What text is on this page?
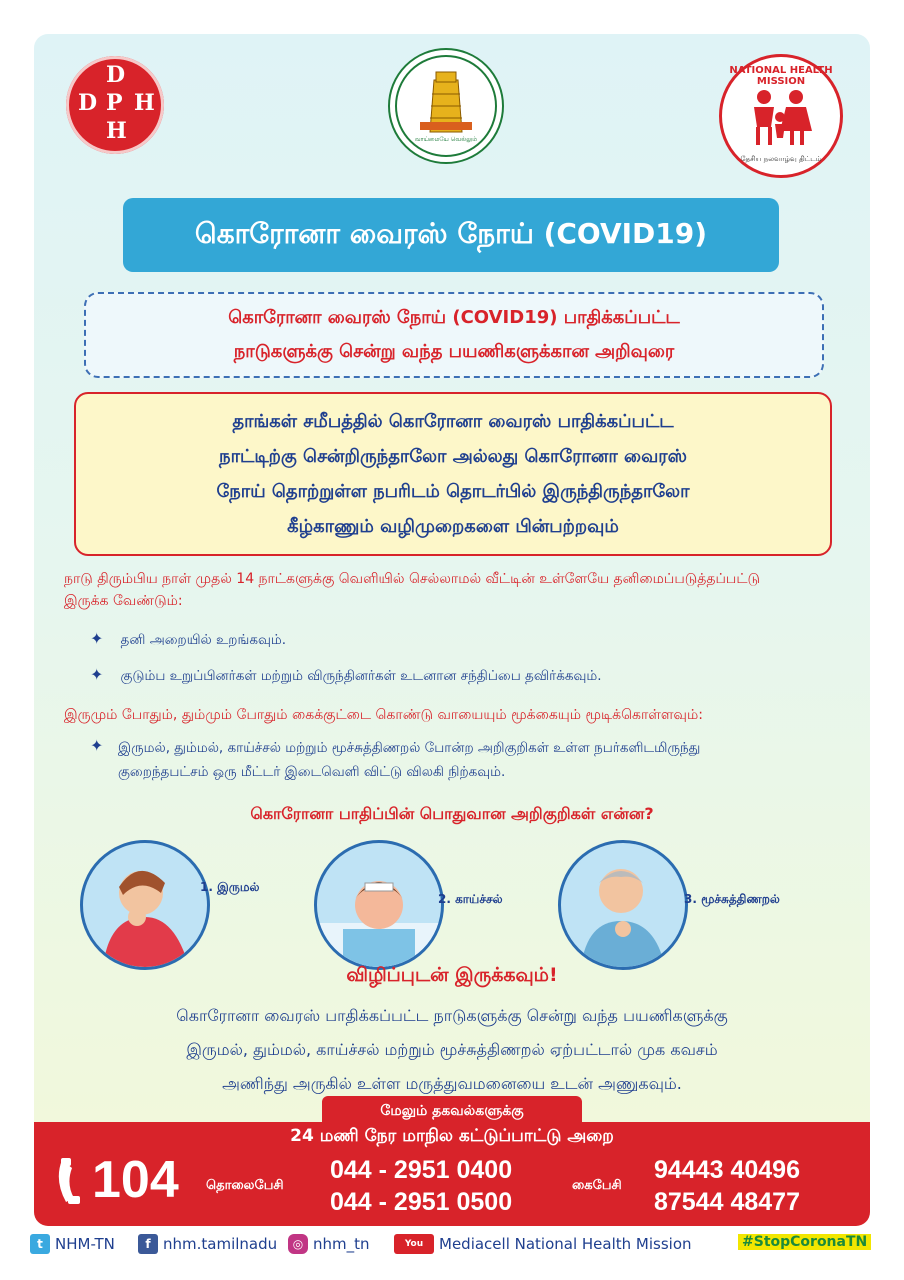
D
D P H
H	வாய்மையே வெல்லும்
NATIONAL HEALTH MISSION
தேசிய நலவாழ்வு திட்டம்
கொரோனா வைரஸ் நோய் (COVID19)
கொரோனா வைரஸ் நோய் (COVID19) பாதிக்கப்பட்ட
நாடுகளுக்கு சென்று வந்த பயணிகளுக்கான அறிவுரை
தாங்கள் சமீபத்தில் கொரோனா வைரஸ் பாதிக்கப்பட்ட
நாட்டிற்கு சென்றிருந்தாலோ அல்லது கொரோனா வைரஸ்
நோய் தொற்றுள்ள நபரிடம் தொடர்பில் இருந்திருந்தாலோ
கீழ்காணும் வழிமுறைகளை பின்பற்றவும்
நாடு திரும்பிய நாள் முதல் 14 நாட்களுக்கு வெளியில் செல்லாமல் வீட்டின் உள்ளேயே தனிமைப்படுத்தப்பட்டு
இருக்க வேண்டும்:
✦ தனி அறையில் உறங்கவும்.
✦ குடும்ப உறுப்பினர்கள் மற்றும் விருந்தினர்கள் உடனான சந்திப்பை தவிர்க்கவும்.
இருமும் போதும், தும்மும் போதும் கைக்குட்டை கொண்டு வாயையும் மூக்கையும் மூடிக்கொள்ளவும்:
✦ இருமல், தும்மல், காய்ச்சல் மற்றும் மூச்சுத்திணறல் போன்ற அறிகுறிகள் உள்ள நபர்களிடமிருந்து
குறைந்தபட்சம் ஒரு மீட்டர் இடைவெளி விட்டு விலகி நிற்கவும்.
கொரோனா பாதிப்பின் பொதுவான அறிகுறிகள் என்ன?
1. இருமல்
2. காய்ச்சல்	3. மூச்சுத்திணறல்
விழிப்புடன் இருக்கவும்!
கொரோனா வைரஸ் பாதிக்கப்பட்ட நாடுகளுக்கு சென்று வந்த பயணிகளுக்கு
இருமல், தும்மல், காய்ச்சல் மற்றும் மூச்சுத்திணறல் ஏற்பட்டால் முக கவசம்
அணிந்து அருகில் உள்ள மருத்துவமனையை உடன் அணுகவும்.
மேலும் தகவல்களுக்கு
24 மணி நேர மாநில கட்டுப்பாட்டு அறை
104 தொலைபேசி
044 - 2951 0400
044 - 2951 0500
கைபேசி
94443 40496
87544 48477
t NHM-TN	f nhm.tamilnadu	◎ nhm_tn	You Tube
Mediacell National Health Mission	#StopCoronaTN
